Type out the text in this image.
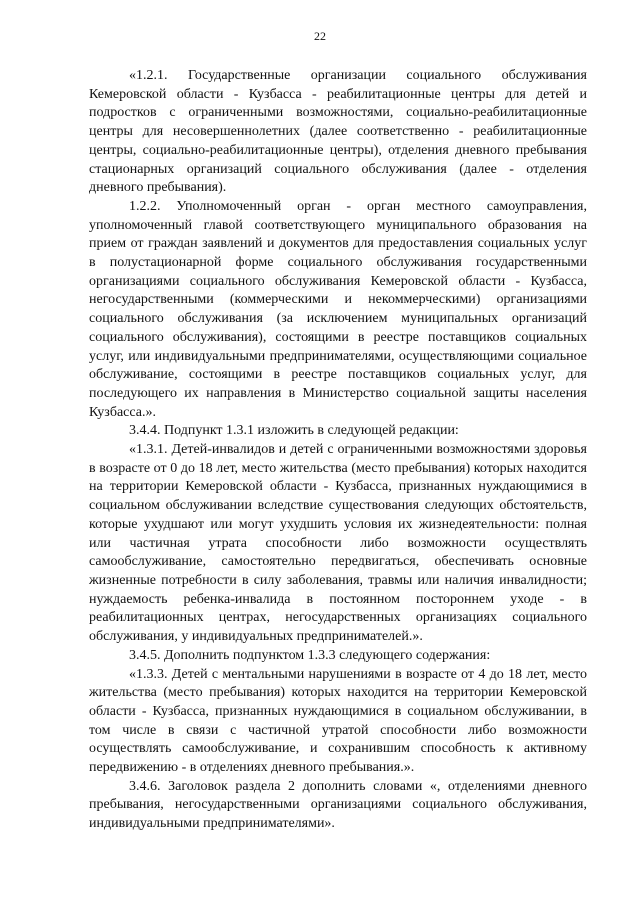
22

«1.2.1. Государственные организации социального обслуживания Кемеровской области - Кузбасса - реабилитационные центры для детей и подростков с ограниченными возможностями, социально-реабилитационные центры для несовершеннолетних (далее соответственно - реабилитационные центры, социально-реабилитационные центры), отделения дневного пребывания стационарных организаций социального обслуживания (далее - отделения дневного пребывания).

1.2.2. Уполномоченный орган - орган местного самоуправления, уполномоченный главой соответствующего муниципального образования на прием от граждан заявлений и документов для предоставления социальных услуг в полустационарной форме социального обслуживания государственными организациями социального обслуживания Кемеровской области - Кузбасса, негосударственными (коммерческими и некоммерческими) организациями социального обслуживания (за исключением муниципальных организаций социального обслуживания), состоящими в реестре поставщиков социальных услуг, или индивидуальными предпринимателями, осуществляющими социальное обслуживание, состоящими в реестре поставщиков социальных услуг, для последующего их направления в Министерство социальной защиты населения Кузбасса.».

3.4.4. Подпункт 1.3.1 изложить в следующей редакции:

«1.3.1. Детей-инвалидов и детей с ограниченными возможностями здоровья в возрасте от 0 до 18 лет, место жительства (место пребывания) которых находится на территории Кемеровской области - Кузбасса, признанных нуждающимися в социальном обслуживании вследствие существования следующих обстоятельств, которые ухудшают или могут ухудшить условия их жизнедеятельности: полная или частичная утрата способности либо возможности осуществлять самообслуживание, самостоятельно передвигаться, обеспечивать основные жизненные потребности в силу заболевания, травмы или наличия инвалидности; нуждаемость ребенка-инвалида в постоянном постороннем уходе - в реабилитационных центрах, негосударственных организациях социального обслуживания, у индивидуальных предпринимателей.».

3.4.5. Дополнить подпунктом 1.3.3 следующего содержания:

«1.3.3. Детей с ментальными нарушениями в возрасте от 4 до 18 лет, место жительства (место пребывания) которых находится на территории Кемеровской области - Кузбасса, признанных нуждающимися в социальном обслуживании, в том числе в связи с частичной утратой способности либо возможности осуществлять самообслуживание, и сохранившим способность к активному передвижению - в отделениях дневного пребывания.».

3.4.6. Заголовок раздела 2 дополнить словами «, отделениями дневного пребывания, негосударственными организациями социального обслуживания, индивидуальными предпринимателями».
